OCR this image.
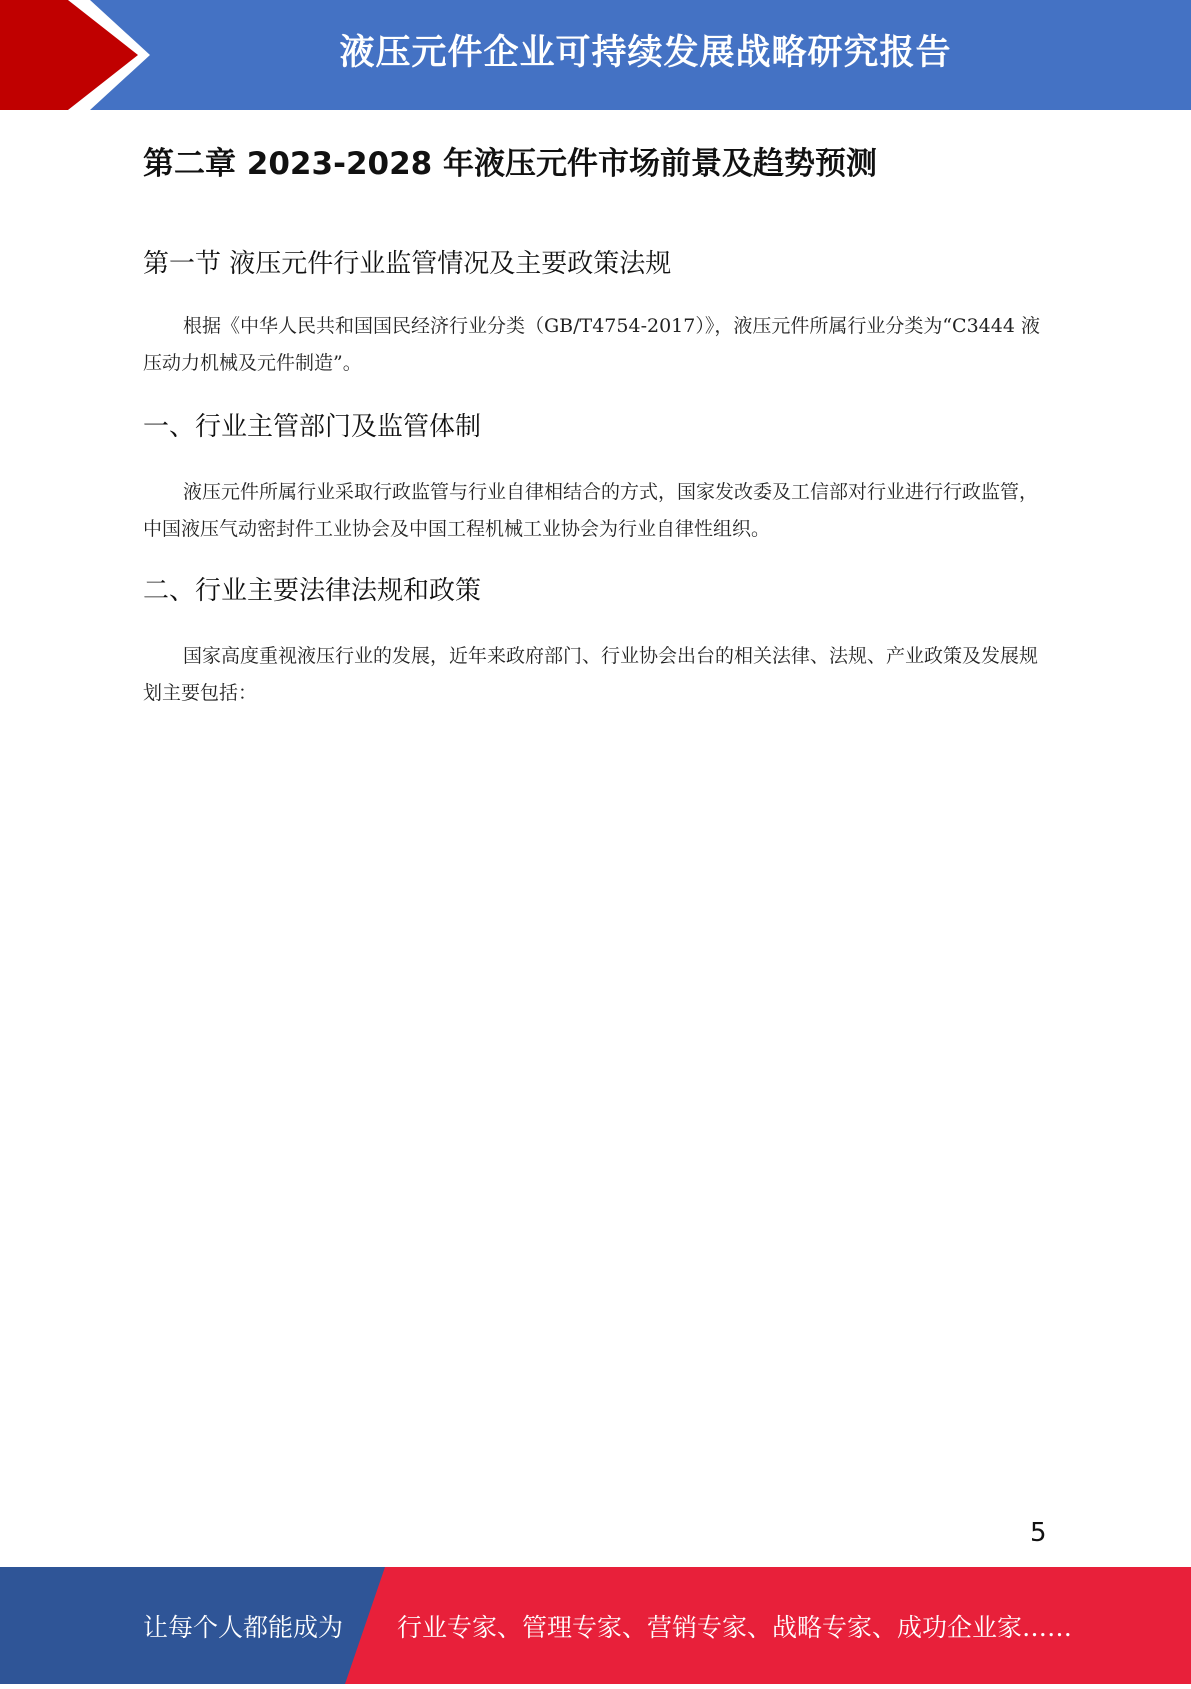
液压元件企业可持续发展战略研究报告
第二章 2023-2028 年液压元件市场前景及趋势预测
第一节 液压元件行业监管情况及主要政策法规

根据《中华人民共和国国民经济行业分类（GB/T4754-2017）》，液压元件所属行业分类为“C3444 液压动力机械及元件制造”。

一、行业主管部门及监管体制

液压元件所属行业采取行政监管与行业自律相结合的方式，国家发改委及工信部对行业进行行政监管，中国液压气动密封件工业协会及中国工程机械工业协会为行业自律性组织。

二、行业主要法律法规和政策

国家高度重视液压行业的发展，近年来政府部门、行业协会出台的相关法律、法规、产业政策及发展规划主要包括：

5
让每个人都能成为 行业专家、管理专家、营销专家、战略专家、成功企业家……
